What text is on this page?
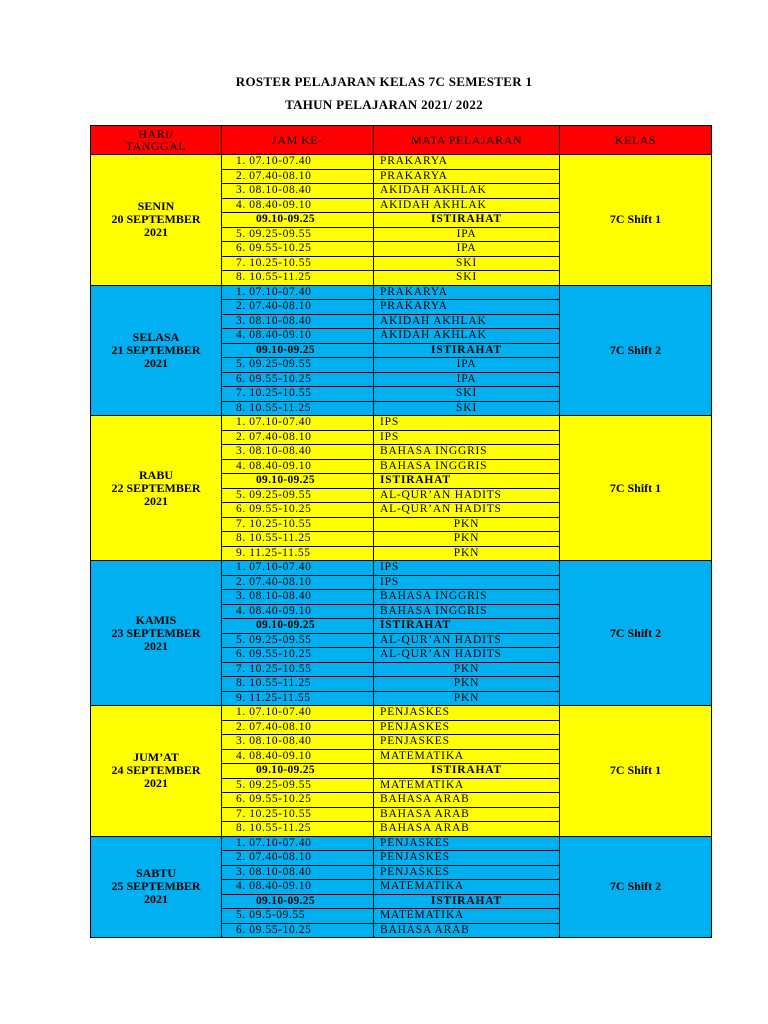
ROSTER PELAJARAN KELAS 7C SEMESTER 1
TAHUN PELAJARAN 2021/ 2022
HARI/
TANGGAL	JAM KE-	MATA PELAJARAN	KELAS

SENIN
20 SEPTEMBER
2021	1. 07.10-07.40	PRAKARYA	7C Shift 1
	2. 07.40-08.10	PRAKARYA	
	3. 08.10-08.40	AKIDAH AKHLAK	
	4. 08.40-09.10	AKIDAH AKHLAK	
	09.10-09.25	ISTIRAHAT	
	5. 09.25-09.55	IPA	
	6. 09.55-10.25	IPA	
	7. 10.25-10.55	SKI	
	8. 10.55-11.25	SKI	

SELASA
21 SEPTEMBER
2021	1. 07.10-07.40	PRAKARYA	7C Shift 2
	2. 07.40-08.10	PRAKARYA	
	3. 08.10-08.40	AKIDAH AKHLAK	
	4. 08.40-09.10	AKIDAH AKHLAK	
	09.10-09.25	ISTIRAHAT	
	5. 09.25-09.55	IPA	
	6. 09.55-10.25	IPA	
	7. 10.25-10.55	SKI	
	8. 10.55-11.25	SKI	

RABU
22 SEPTEMBER
2021	1. 07.10-07.40	IPS	7C Shift 1
	2. 07.40-08.10	IPS	
	3. 08.10-08.40	BAHASA INGGRIS	
	4. 08.40-09.10	BAHASA INGGRIS	
	09.10-09.25	ISTIRAHAT	
	5. 09.25-09.55	AL-QUR’AN HADITS	
	6. 09.55-10.25	AL-QUR’AN HADITS	
	7. 10.25-10.55	PKN	
	8. 10.55-11.25	PKN	
	9. 11.25-11.55	PKN	

KAMIS
23 SEPTEMBER
2021	1. 07.10-07.40	IPS	7C Shift 2
	2. 07.40-08.10	IPS	
	3. 08.10-08.40	BAHASA INGGRIS	
	4. 08.40-09.10	BAHASA INGGRIS	
	09.10-09.25	ISTIRAHAT	
	5. 09.25-09.55	AL-QUR’AN HADITS	
	6. 09.55-10.25	AL-QUR’AN HADITS	
	7. 10.25-10.55	PKN	
	8. 10.55-11.25	PKN	
	9. 11.25-11.55	PKN	

JUM’AT
24 SEPTEMBER
2021	1. 07.10-07.40	PENJASKES	7C Shift 1
	2. 07.40-08.10	PENJASKES	
	3. 08.10-08.40	PENJASKES	
	4. 08.40-09.10	MATEMATIKA	
	09.10-09.25	ISTIRAHAT	
	5. 09.25-09.55	MATEMATIKA	
	6. 09.55-10.25	BAHASA ARAB	
	7. 10.25-10.55	BAHASA ARAB	
	8. 10.55-11.25	BAHASA ARAB	

SABTU
25 SEPTEMBER
2021	1. 07.10-07.40	PENJASKES	7C Shift 2
	2. 07.40-08.10	PENJASKES	
	3. 08.10-08.40	PENJASKES	
	4. 08.40-09.10	MATEMATIKA	
	09.10-09.25	ISTIRAHAT	
	5. 09.5-09.55	MATEMATIKA	
	6. 09.55-10.25	BAHASA ARAB	
